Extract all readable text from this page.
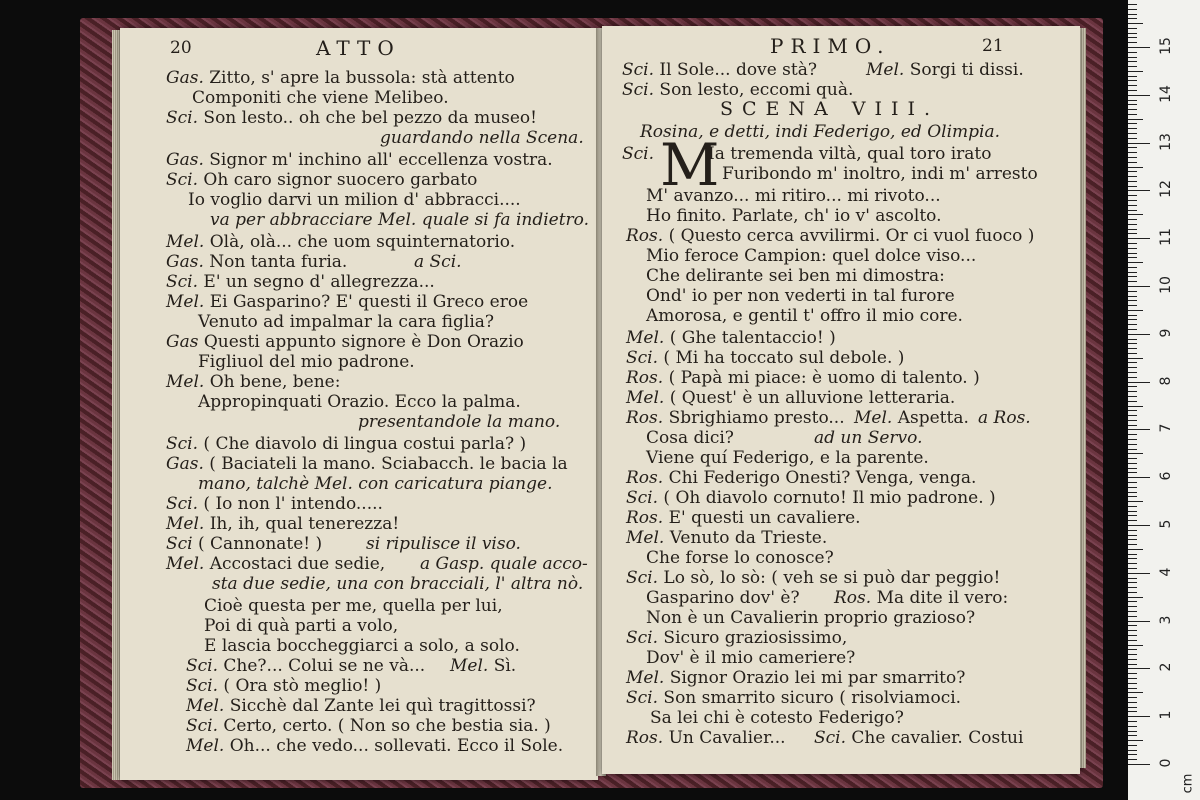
20	ATTO
Gas. Zitto, s' apre la bussola: stà attento
Componiti che viene Melibeo.
Sci. Son lesto.. oh che bel pezzo da museo!
guardando nella Scena.
Gas. Signor m' inchino all' eccellenza vostra.
Sci. Oh caro signor suocero garbato
Io voglio darvi un milion d' abbracci....
va per abbracciare Mel. quale si fa indietro.
Mel. Olà, olà... che uom squinternatorio.
Gas. Non tanta furia.	a Sci.
Sci. E' un segno d' allegrezza...
Mel. Ei Gasparino? E' questi il Greco eroe
Venuto ad impalmar la cara figlia?
Gas Questi appunto signore è Don Orazio
Figliuol del mio padrone.
Mel. Oh bene, bene:
Appropinquati Orazio. Ecco la palma.
presentandole la mano.
Sci. ( Che diavolo di lingua costui parla? )
Gas. ( Baciateli la mano. Sciabacch. le bacia la
mano, talchè Mel. con caricatura piange.
Sci. ( Io non l' intendo.....
Mel. Ih, ih, qual tenerezza!
Sci ( Cannonate! )	si ripulisce il viso.
Mel. Accostaci due sedie, a Gasp. quale acco-
sta due sedie, una con bracciali, l' altra nò.
Cioè questa per me, quella per lui,
Poi di quà parti a volo,
E lascia boccheggiarci a solo, a solo.
Sci. Che?... Colui se ne và... Mel. Sì.
Sci. ( Ora stò meglio! )
Mel. Sicchè dal Zante lei quì tragittossi?
Sci. Certo, certo. ( Non so che bestia sia. )
Mel. Oh... che vedo... sollevati. Ecco il Sole.
PRIMO.	21
Sci. Il Sole... dove stà?	Mel. Sorgi ti dissi.
Sci. Son lesto, eccomi quà.
SCENA VIII.
Rosina, e detti, indi Federigo, ed Olimpia.
Sci. M
Ia tremenda viltà, qual toro irato
Furibondo m' inoltro, indi m' arresto
M' avanzo... mi ritiro... mi rivoto...
Ho finito. Parlate, ch' io v' ascolto.
Ros. ( Questo cerca avvilirmi. Or ci vuol fuoco )
Mio feroce Campion: quel dolce viso...
Che delirante sei ben mi dimostra:
Ond' io per non vederti in tal furore
Amorosa, e gentil t' offro il mio core.
Mel. ( Ghe talentaccio! )
Sci. ( Mi ha toccato sul debole. )
Ros. ( Papà mi piace: è uomo di talento. )
Mel. ( Quest' è un alluvione letteraria.
Ros. Sbrighiamo presto... Mel. Aspetta. a Ros.
Cosa dici?	ad un Servo.
Viene quí Federigo, e la parente.
Ros. Chi Federigo Onesti? Venga, venga.
Sci. ( Oh diavolo cornuto! Il mio padrone. )
Ros. E' questi un cavaliere.
Mel. Venuto da Trieste.
Che forse lo conosce?
Sci. Lo sò, lo sò: ( veh se si può dar peggio!
Gasparino dov' è? Ros. Ma dite il vero:
Non è un Cavalierin proprio grazioso?
Sci. Sicuro graziosissimo,
Dov' è il mio cameriere?
Mel. Signor Orazio lei mi par smarrito?
Sci. Son smarrito sicuro ( risolviamoci.
Sa lei chi è cotesto Federigo?
Ros. Un Cavalier... Sci. Che cavalier. Costui
0
1
2
3
4
5
6
7
8
9
10
11
12
13
14
15
cm
